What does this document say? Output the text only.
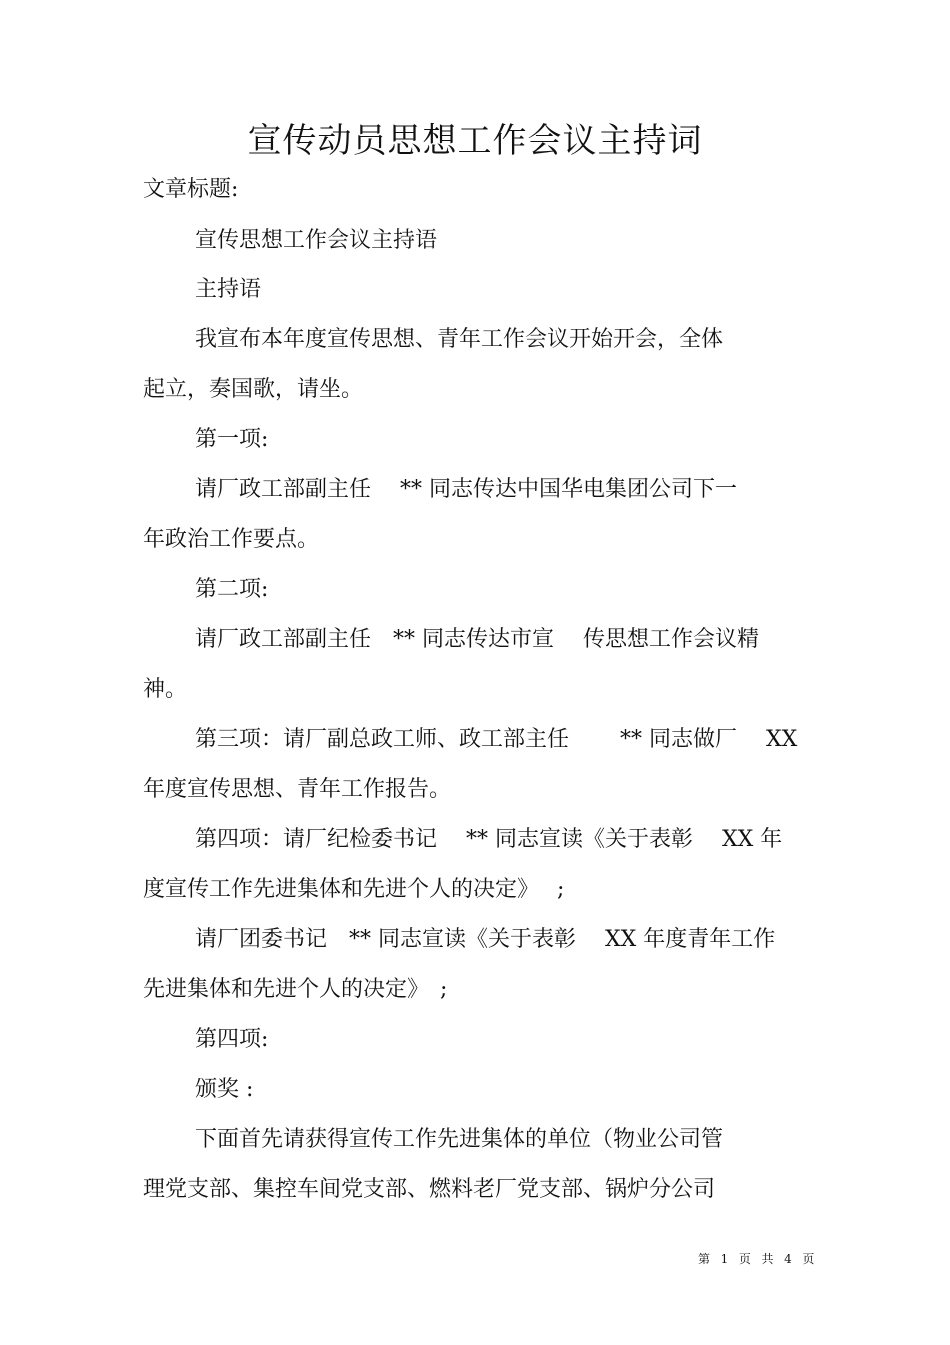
宣传动员思想工作会议主持词
文章标题:
宣传思想工作会议主持语
主持语
我宣布本年度宣传思想、青年工作会议开始开会，全体
起立，奏国歌，请坐。
第一项:
请厂政工部副主任　 ** 同志传达中国华电集团公司下一
年政治工作要点。
第二项:
请厂政工部副主任　** 同志传达市宣　 传思想工作会议精
神。
第三项：请厂副总政工师、政工部主任　　 ** 同志做厂　 XX
年度宣传思想、青年工作报告。
第四项：请厂纪检委书记　 ** 同志宣读《关于表彰　 XX 年
度宣传工作先进集体和先进个人的决定》　 ;
请厂团委书记　** 同志宣读《关于表彰　 XX 年度青年工作
先进集体和先进个人的决定》　;
第四项:
颁奖 :
下面首先请获得宣传工作先进集体的单位（物业公司管
理党支部、集控车间党支部、燃料老厂党支部、锅炉分公司
第  1  页  共  4  页
